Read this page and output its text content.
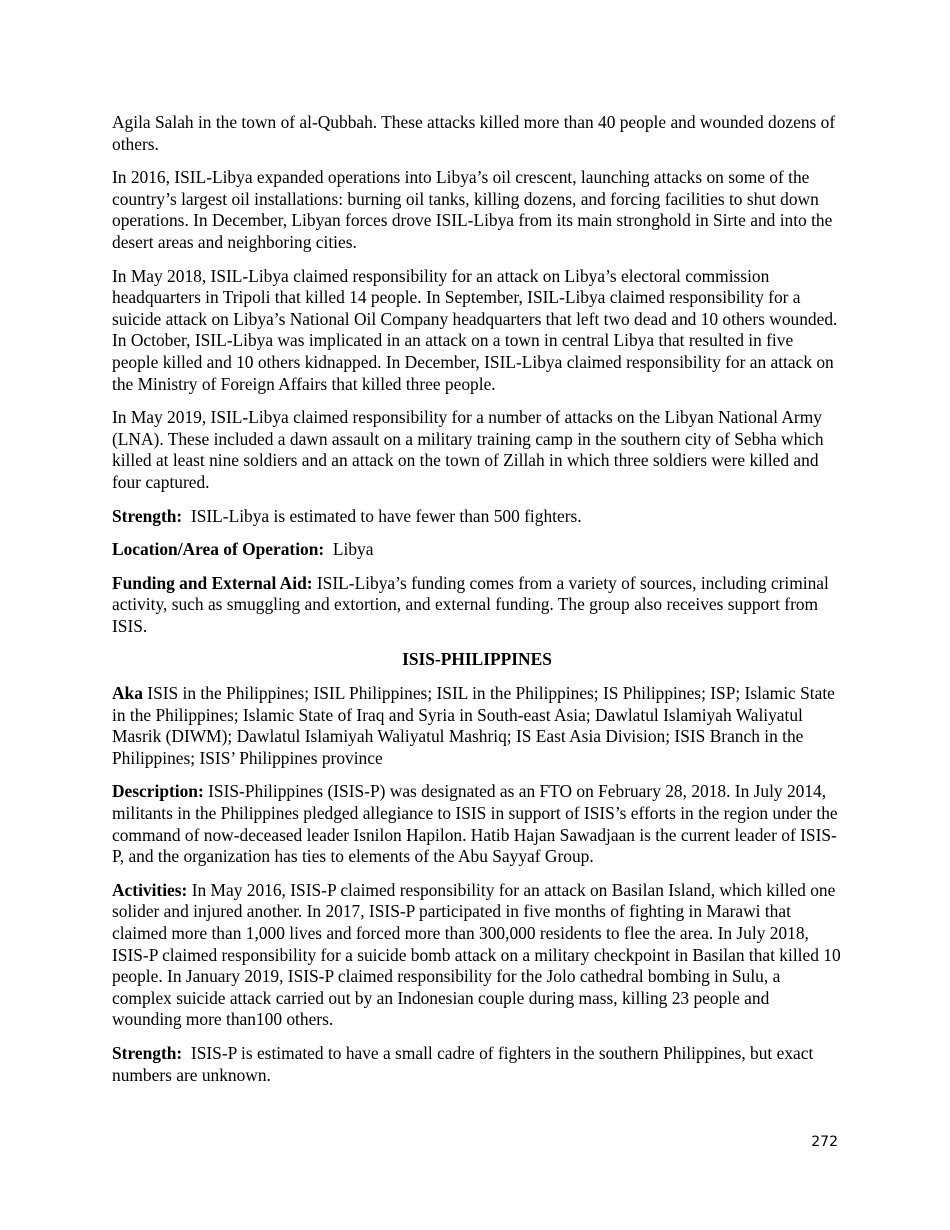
Agila Salah in the town of al-Qubbah. These attacks killed more than 40 people and wounded dozens of others.

In 2016, ISIL-Libya expanded operations into Libya’s oil crescent, launching attacks on some of the country’s largest oil installations: burning oil tanks, killing dozens, and forcing facilities to shut down operations. In December, Libyan forces drove ISIL-Libya from its main stronghold in Sirte and into the desert areas and neighboring cities.

In May 2018, ISIL-Libya claimed responsibility for an attack on Libya’s electoral commission headquarters in Tripoli that killed 14 people. In September, ISIL-Libya claimed responsibility for a suicide attack on Libya’s National Oil Company headquarters that left two dead and 10 others wounded. In October, ISIL-Libya was implicated in an attack on a town in central Libya that resulted in five people killed and 10 others kidnapped. In December, ISIL-Libya claimed responsibility for an attack on the Ministry of Foreign Affairs that killed three people.

In May 2019, ISIL-Libya claimed responsibility for a number of attacks on the Libyan National Army (LNA). These included a dawn assault on a military training camp in the southern city of Sebha which killed at least nine soldiers and an attack on the town of Zillah in which three soldiers were killed and four captured.

Strength:  ISIL-Libya is estimated to have fewer than 500 fighters.

Location/Area of Operation:  Libya

Funding and External Aid: ISIL-Libya’s funding comes from a variety of sources, including criminal activity, such as smuggling and extortion, and external funding. The group also receives support from ISIS.

ISIS-PHILIPPINES

Aka ISIS in the Philippines; ISIL Philippines; ISIL in the Philippines; IS Philippines; ISP; Islamic State in the Philippines; Islamic State of Iraq and Syria in South-east Asia; Dawlatul Islamiyah Waliyatul Masrik (DIWM); Dawlatul Islamiyah Waliyatul Mashriq; IS East Asia Division; ISIS Branch in the Philippines; ISIS’ Philippines province

Description: ISIS-Philippines (ISIS-P) was designated as an FTO on February 28, 2018. In July 2014, militants in the Philippines pledged allegiance to ISIS in support of ISIS’s efforts in the region under the command of now-deceased leader Isnilon Hapilon. Hatib Hajan Sawadjaan is the current leader of ISIS-P, and the organization has ties to elements of the Abu Sayyaf Group.

Activities: In May 2016, ISIS-P claimed responsibility for an attack on Basilan Island, which killed one solider and injured another. In 2017, ISIS-P participated in five months of fighting in Marawi that claimed more than 1,000 lives and forced more than 300,000 residents to flee the area. In July 2018, ISIS-P claimed responsibility for a suicide bomb attack on a military checkpoint in Basilan that killed 10 people. In January 2019, ISIS-P claimed responsibility for the Jolo cathedral bombing in Sulu, a complex suicide attack carried out by an Indonesian couple during mass, killing 23 people and wounding more than100 others.

Strength:  ISIS-P is estimated to have a small cadre of fighters in the southern Philippines, but exact numbers are unknown.

272
